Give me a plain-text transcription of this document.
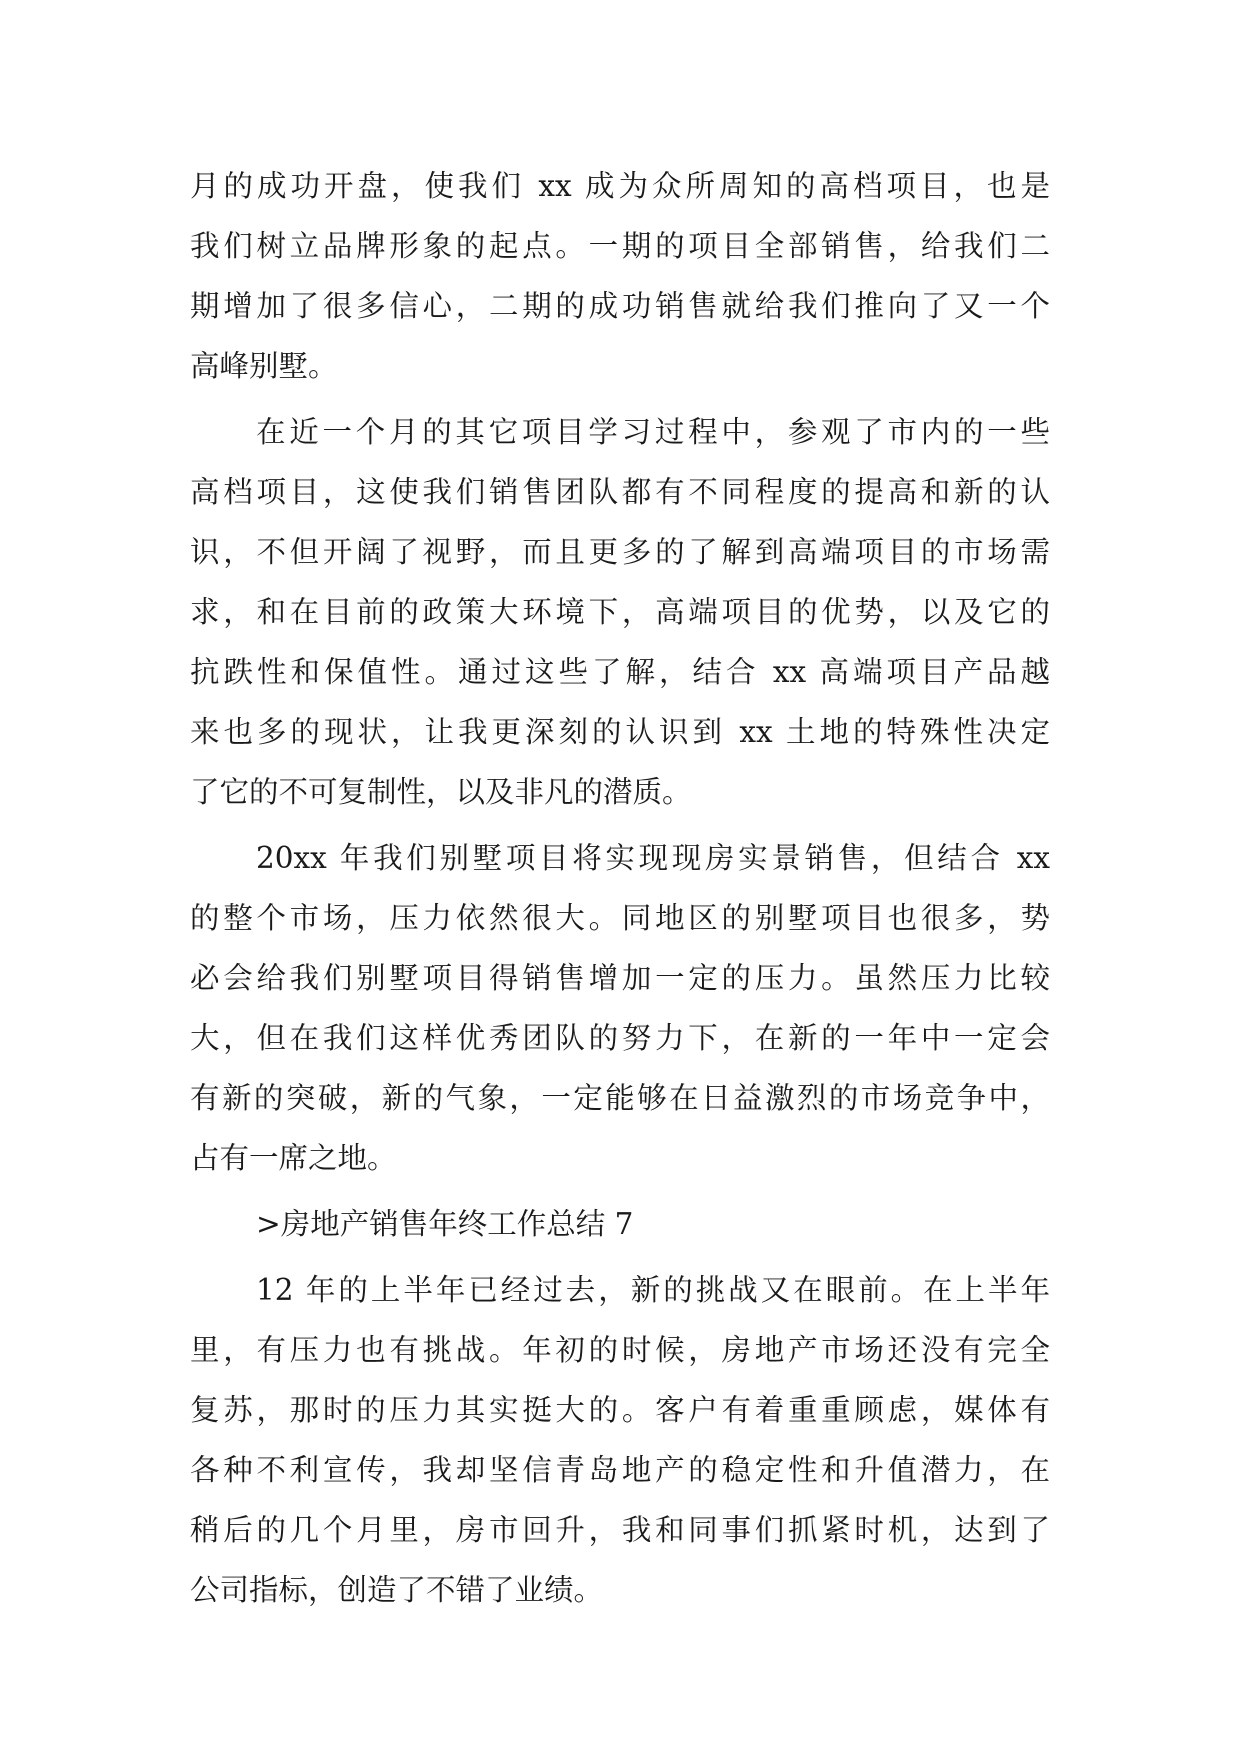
月的成功开盘，使我们 xx 成为众所周知的高档项目，也是
我们树立品牌形象的起点。一期的项目全部销售，给我们二
期增加了很多信心，二期的成功销售就给我们推向了又一个
高峰别墅。
在近一个月的其它项目学习过程中，参观了市内的一些
高档项目，这使我们销售团队都有不同程度的提高和新的认
识，不但开阔了视野，而且更多的了解到高端项目的市场需
求，和在目前的政策大环境下，高端项目的优势，以及它的
抗跌性和保值性。通过这些了解，结合 xx 高端项目产品越
来也多的现状，让我更深刻的认识到 xx 土地的特殊性决定
了它的不可复制性，以及非凡的潜质。
20xx 年我们别墅项目将实现现房实景销售，但结合 xx
的整个市场，压力依然很大。同地区的别墅项目也很多，势
必会给我们别墅项目得销售增加一定的压力。虽然压力比较
大，但在我们这样优秀团队的努力下，在新的一年中一定会
有新的突破，新的气象，一定能够在日益激烈的市场竞争中，
占有一席之地。
>房地产销售年终工作总结 7
12 年的上半年已经过去，新的挑战又在眼前。在上半年
里，有压力也有挑战。年初的时候，房地产市场还没有完全
复苏，那时的压力其实挺大的。客户有着重重顾虑，媒体有
各种不利宣传，我却坚信青岛地产的稳定性和升值潜力，在
稍后的几个月里，房市回升，我和同事们抓紧时机，达到了
公司指标，创造了不错了业绩。
